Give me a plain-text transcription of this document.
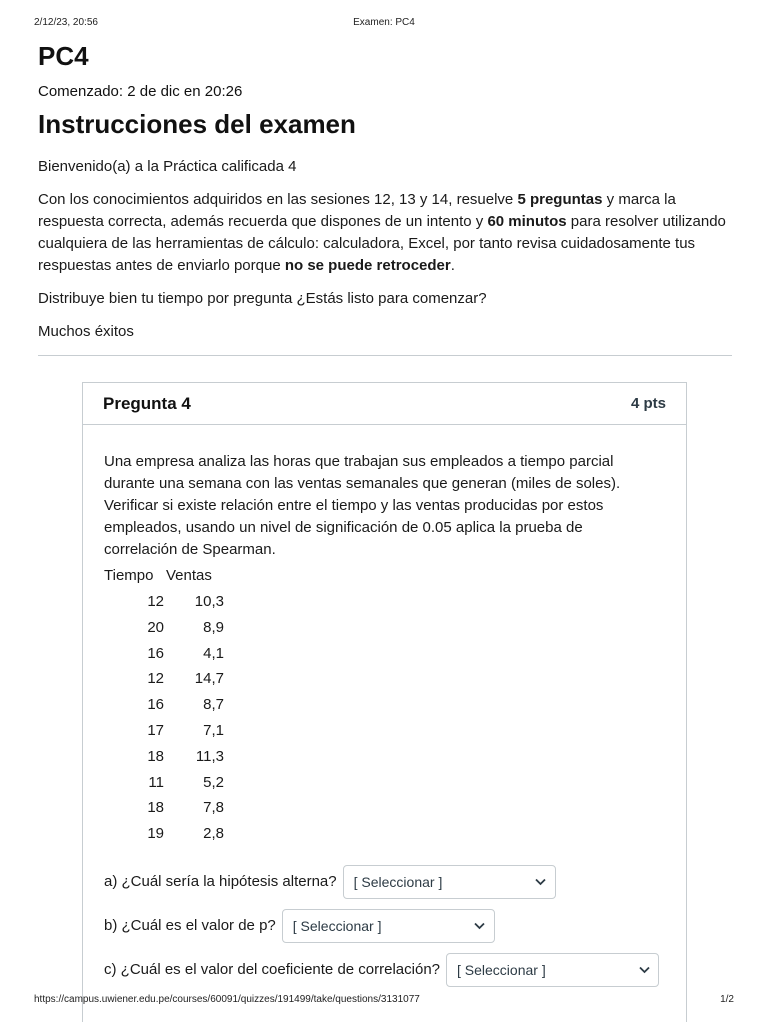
2/12/23, 20:56	Examen: PC4
PC4
Comenzado: 2 de dic en 20:26
Instrucciones del examen

Bienvenido(a) a la Práctica calificada 4

Con los conocimientos adquiridos en las sesiones 12, 13 y 14, resuelve 5 preguntas y marca la respuesta correcta, además recuerda que dispones de un intento y 60 minutos para resolver utilizando cualquiera de las herramientas de cálculo: calculadora, Excel, por tanto revisa cuidadosamente tus respuestas antes de enviarlo porque no se puede retroceder.

Distribuye bien tu tiempo por pregunta ¿Estás listo para comenzar?

Muchos éxitos

Pregunta 4	4 pts
Una empresa analiza las horas que trabajan sus empleados a tiempo parcial durante una semana con las ventas semanales que generan (miles de soles). Verificar si existe relación entre el tiempo y las ventas producidas por estos empleados, usando un nivel de significación de 0.05 aplica la prueba de correlación de Spearman.
Tiempo Ventas
12	10,3
20	8,9
16	4,1
12	14,7
16	8,7
17	7,1
18	11,3
11	5,2
18	7,8
19	2,8
a) ¿Cuál sería la hipótesis alterna?	[ Seleccionar ]
b) ¿Cuál es el valor de p?	[ Seleccionar ]
c) ¿Cuál es el valor del coeficiente de correlación?	[ Seleccionar ]
https://campus.uwiener.edu.pe/courses/60091/quizzes/191499/take/questions/3131077	1/2
